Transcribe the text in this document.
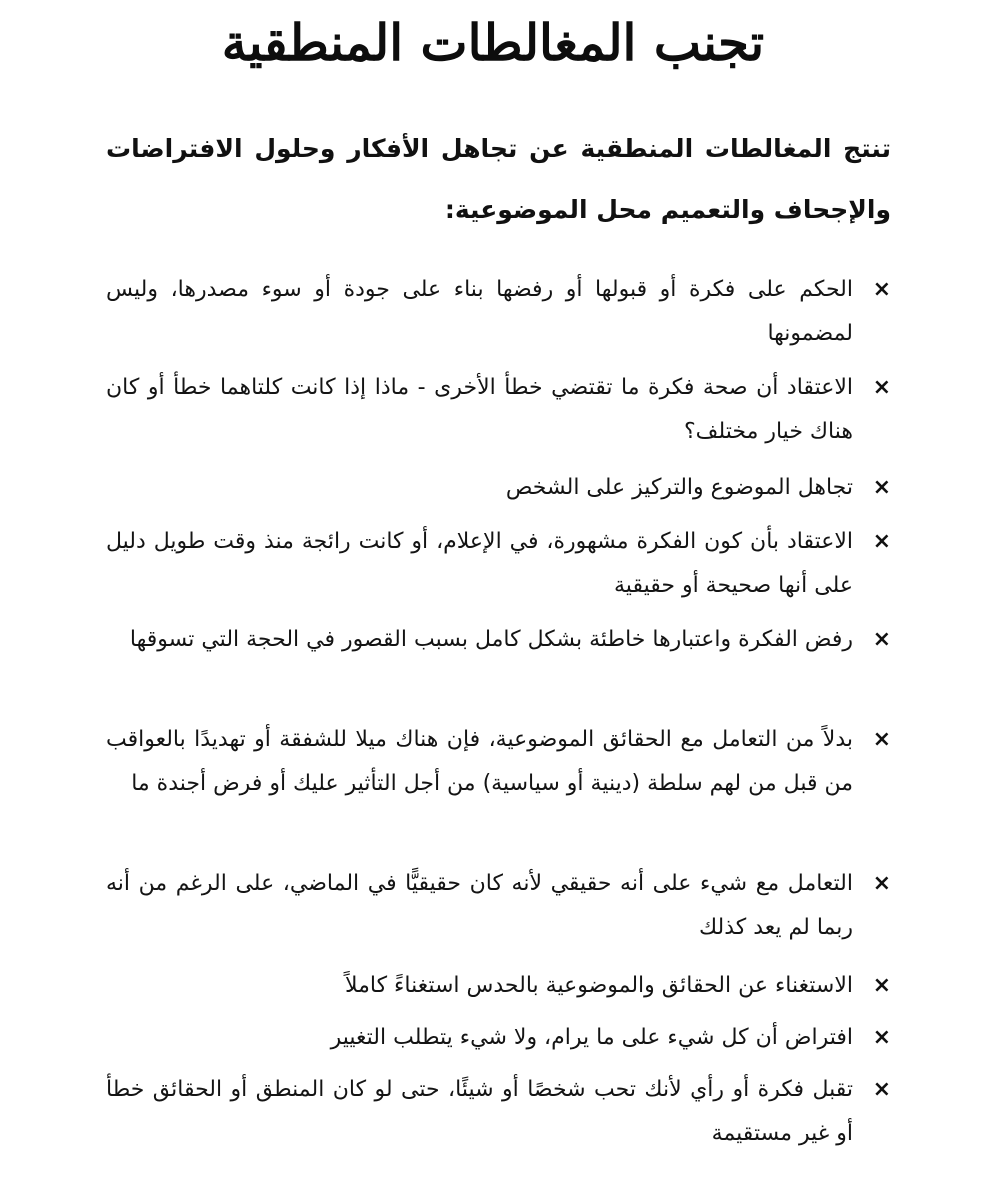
تجنب المغالطات المنطقية

تنتج المغالطات المنطقية عن تجاهل الأفكار وحلول الافتراضات والإجحاف والتعميم محل الموضوعية:

×
الحكم على فكرة أو قبولها أو رفضها بناء على جودة أو سوء مصدرها، وليس لمضمونها
×
الاعتقاد أن صحة فكرة ما تقتضي خطأ الأخرى - ماذا إذا كانت كلتاهما خطأ أو كان هناك خيار مختلف؟
×
تجاهل الموضوع والتركيز على الشخص
×
الاعتقاد بأن كون الفكرة مشهورة، في الإعلام، أو كانت رائجة منذ وقت طويل دليل على أنها صحيحة أو حقيقية
×
رفض الفكرة واعتبارها خاطئة بشكل كامل بسبب القصور في الحجة التي تسوقها
×
بدلاً من التعامل مع الحقائق الموضوعية، فإن هناك ميلا للشفقة أو تهديدًا بالعواقب من قبل من لهم سلطة (دينية أو سياسية) من أجل التأثير عليك أو فرض أجندة ما
×
التعامل مع شيء على أنه حقيقي لأنه كان حقيقيًّا في الماضي، على الرغم من أنه ربما لم يعد كذلك
×
الاستغناء عن الحقائق والموضوعية بالحدس استغناءً كاملاً
×
افتراض أن كل شيء على ما يرام، ولا شيء يتطلب التغيير
×
تقبل فكرة أو رأي لأنك تحب شخصًا أو شيئًا، حتى لو كان المنطق أو الحقائق خطأ أو غير مستقيمة
